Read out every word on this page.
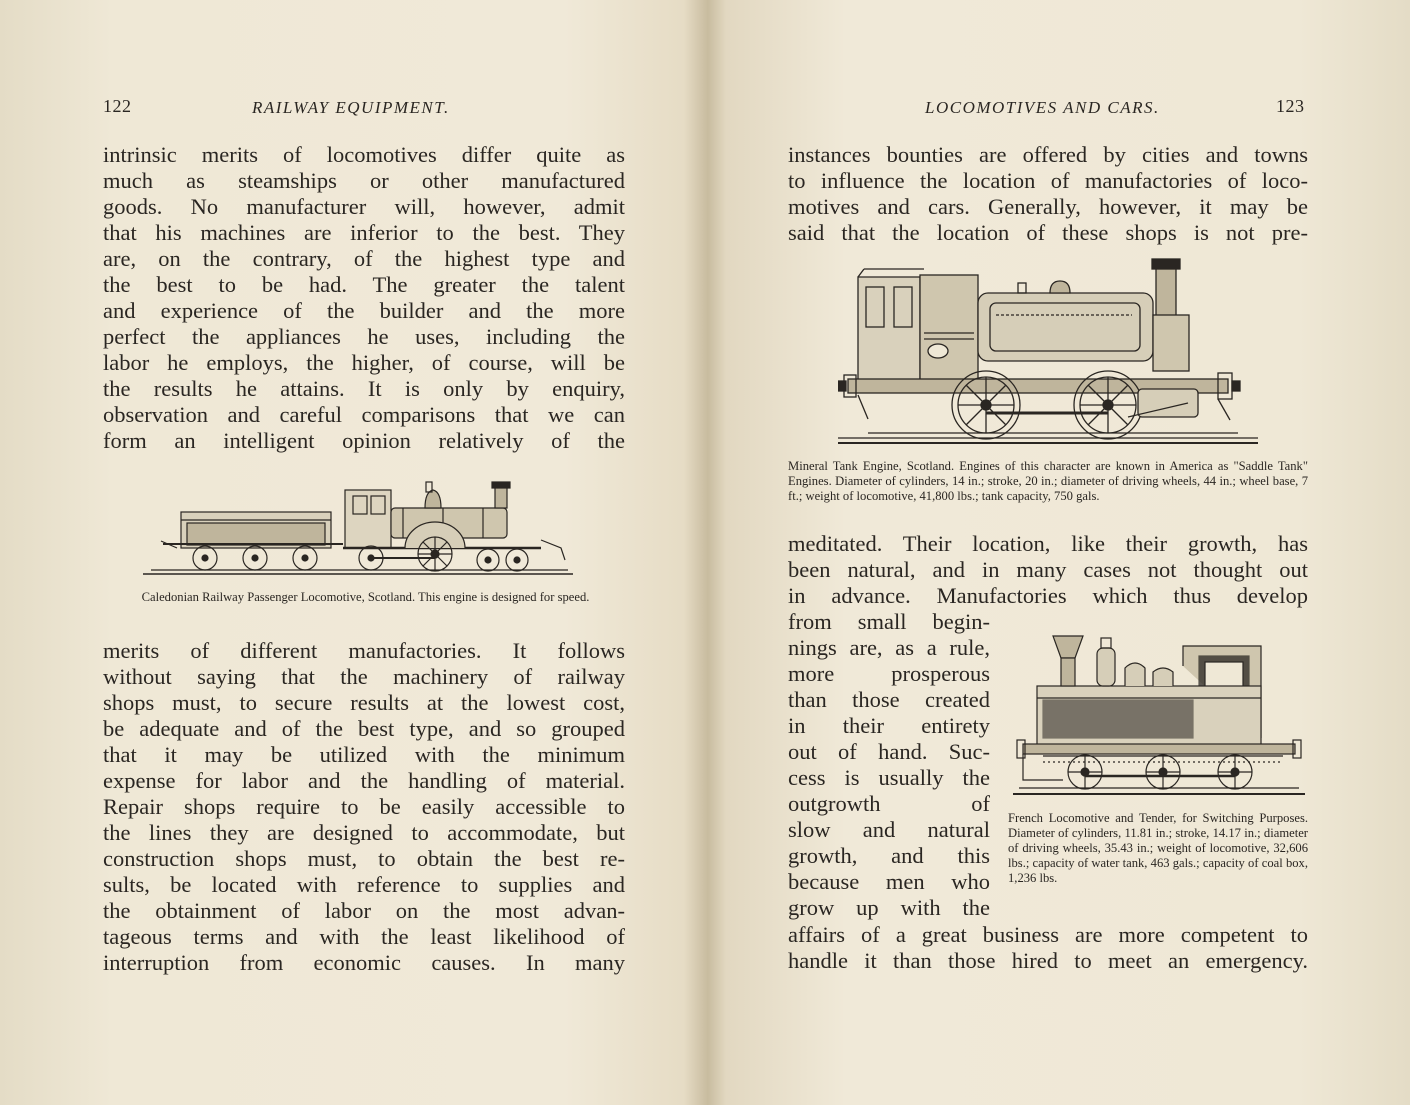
122	RAILWAY EQUIPMENT.

intrinsic merits of locomotives differ quite as

much as steamships or other manufactured

goods. No manufacturer will, however, admit

that his machines are inferior to the best. They

are, on the contrary, of the highest type and

the best to be had. The greater the talent

and experience of the builder and the more

perfect the appliances he uses, including the

labor he employs, the higher, of course, will be

the results he attains. It is only by enquiry,

observation and careful comparisons that we can

form an intelligent opinion relatively of the

Caledonian Railway Passenger Locomotive, Scotland. This engine is designed for speed.

merits of different manufactories. It follows

without saying that the machinery of railway

shops must, to secure results at the lowest cost,

be adequate and of the best type, and so grouped

that it may be utilized with the minimum

expense for labor and the handling of material.

Repair shops require to be easily accessible to

the lines they are designed to accommodate, but

construction shops must, to obtain the best re-

sults, be located with reference to supplies and

the obtainment of labor on the most advan-

tageous terms and with the least likelihood of

interruption from economic causes. In many

LOCOMOTIVES AND CARS.	123

instances bounties are offered by cities and towns

to influence the location of manufactories of loco-

motives and cars. Generally, however, it may be

said that the location of these shops is not pre-

Mineral Tank Engine, Scotland. Engines of this character are known in America as "Saddle Tank" Engines. Diameter of cylinders, 14 in.; stroke, 20 in.; diameter of driving wheels, 44 in.; wheel base, 7 ft.; weight of locomotive, 41,800 lbs.; tank capacity, 750 gals.

meditated. Their location, like their growth, has

been natural, and in many cases not thought out

in advance. Manufactories which thus develop

from small begin-

nings are, as a rule,

more prosperous

than those created

in their entirety

out of hand. Suc-

cess is usually the

outgrowth of

slow and natural

growth, and this

because men who

grow up with the

French Locomotive and Tender, for Switching Purposes. Diameter of cylinders, 11.81 in.; stroke, 14.17 in.; diameter of driving wheels, 35.43 in.; weight of locomotive, 32,606 lbs.; capacity of water tank, 463 gals.; capacity of coal box, 1,236 lbs.

affairs of a great business are more competent to

handle it than those hired to meet an emergency.
